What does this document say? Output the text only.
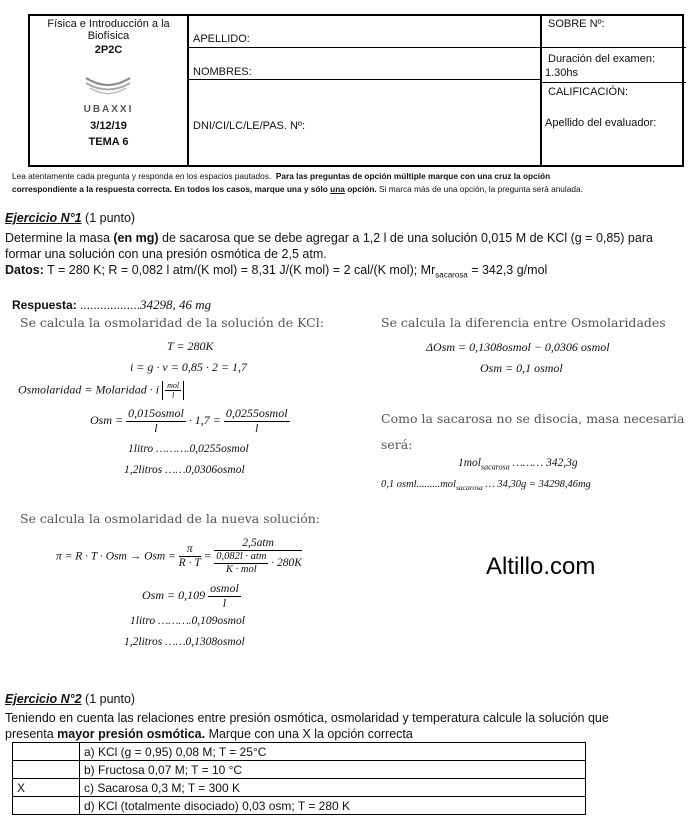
Física e Introducción a la
Biofísica
2P2C
UBAXXI
3/12/19
TEMA 6
APELLIDO:
NOMBRES:
DNI/CI/LC/LE/PAS. Nº:
SOBRE Nº:
Duración del examen:
1.30hs
CALIFICACIÓN:
Apellido del evaluador:
Lea atentamente cada pregunta y responda en los espacios pautados. Para las preguntas de opción múltiple marque con una cruz la opción
correspondiente a la respuesta correcta. En todos los casos, marque una y sólo una opción. Si marca más de una opción, la pregunta será anulada.
Ejercicio N°1 (1 punto)
Determine la masa (en mg) de sacarosa que se debe agregar a 1,2 l de una solución 0,015 M de KCl (g = 0,85) para
formar una solución con una presión osmótica de 2,5 atm.
Datos: T = 280 K; R = 0,082 l atm/(K mol) = 8,31 J/(K mol) = 2 cal/(K mol); $Mr_{sacarosa} = 342,3$ g/mol
Respuesta: ..................34298, 46 mg
Se calcula la osmolaridad de la solución de KCl:
T = 280K
i = g · v = 0,85 · 2 = 1,7
Osmolaridad = Molaridad · i $\frac{\text{mol}}{l}$
Osm = $\frac{\text{0,015osmol}}{l} \cdot 1,7 = \frac{\text{0,0255osmol}}{l}$
1litro ……….0,0255osmol
1,2litros ……0,0306osmol
Se calcula la diferencia entre Osmolaridades
ΔOsm = 0,1308osmol − 0,0306 osmol
Osm = 0,1 osmol
Como la sacarosa no se disocia, masa necesaria
será:
1mol$_{sacarosa}$ ……… 342,3g
0,1 osml.........mol$_{sacarosa}$ … 34,30g = 34298,46mg
Se calcula la osmolaridad de la nueva solución:
π = R · T · Osm → Osm = $\frac{\pi}{R \cdot T} = \frac{\text{2,5atm}}{\frac{\text{0,082l · atm}}{\text{K · mol}} \cdot 280K}$
Osm = $0,109 \frac{\text{osmol}}{l}$
1litro ……….0,109osmol
1,2litros ……0,1308osmol
Altillo.com
Ejercicio N°2 (1 punto)
Teniendo en cuenta las relaciones entre presión osmótica, osmolaridad y temperatura calcule la solución que
presenta mayor presión osmótica. Marque con una X la opción correcta
	a) KCl (g = 0,95) 0,08 M; T = 25°C
	b) Fructosa 0,07 M; T = 10 °C
X	c) Sacarosa 0,3 M; T = 300 K
	d) KCl (totalmente disociado) 0,03 osm; T = 280 K
